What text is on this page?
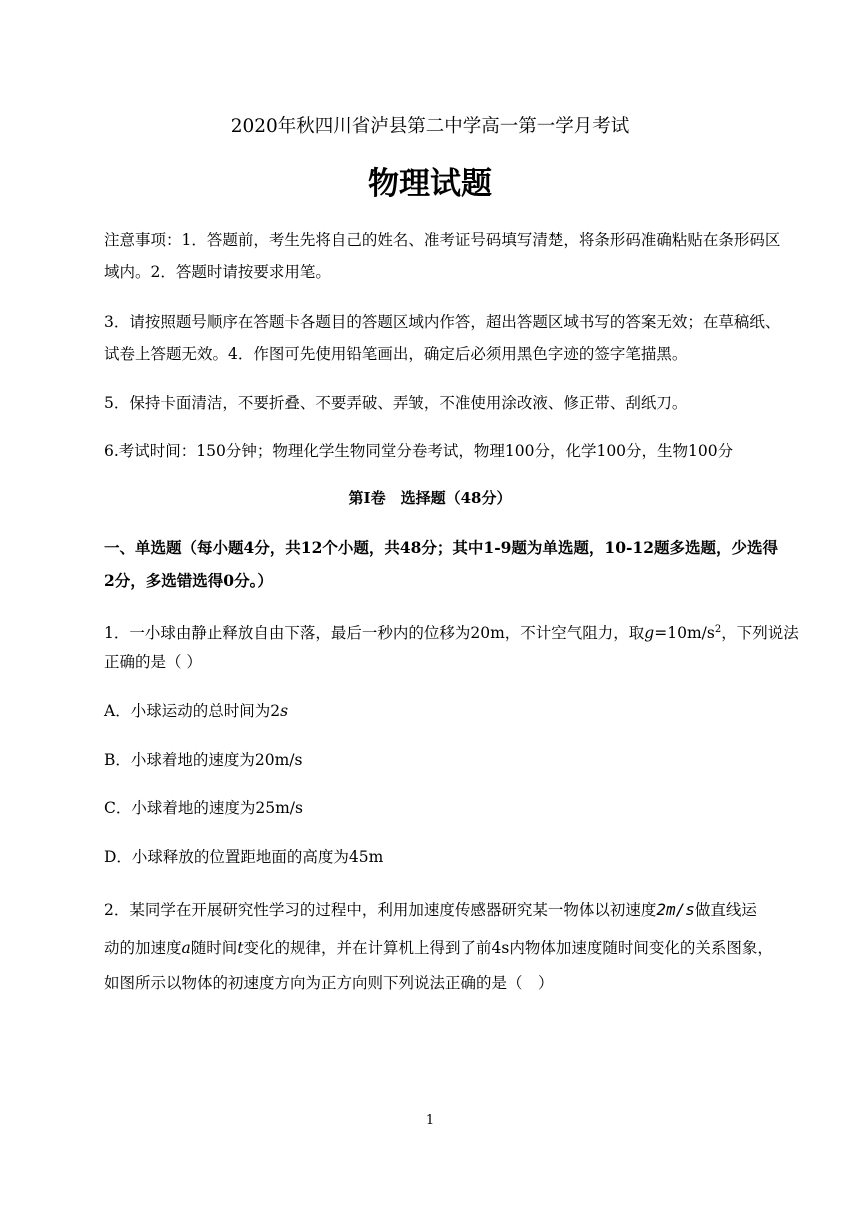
2020年秋四川省泸县第二中学高一第一学月考试
物理试题
注意事项：1．答题前，考生先将自己的姓名、准考证号码填写清楚，将条形码准确粘贴在条形码区
域内。2．答题时请按要求用笔。
3．请按照题号顺序在答题卡各题目的答题区域内作答，超出答题区域书写的答案无效；在草稿纸、
试卷上答题无效。4．作图可先使用铅笔画出，确定后必须用黑色字迹的签字笔描黑。
5．保持卡面清洁，不要折叠、不要弄破、弄皱，不准使用涂改液、修正带、刮纸刀。
6.考试时间：150分钟；物理化学生物同堂分卷考试，物理100分，化学100分，生物100分
第I卷　选择题（48分）
一、单选题（每小题4分，共12个小题，共48分；其中1-9题为单选题，10-12题多选题，少选得
2分，多选错选得0分。）
1．一小球由静止释放自由下落，最后一秒内的位移为20m，不计空气阻力，取$g=10m/s^2$，下列说法
正确的是（ ）
A．小球运动的总时间为2s
B．小球着地的速度为20m/s
C．小球着地的速度为25m/s
D．小球释放的位置距地面的高度为45m
2．某同学在开展研究性学习的过程中，利用加速度传感器研究某一物体以初速度2m/s做直线运
动的加速度a随时间t变化的规律，并在计算机上得到了前4s内物体加速度随时间变化的关系图象，
如图所示以物体的初速度方向为正方向则下列说法正确的是（　）
1
